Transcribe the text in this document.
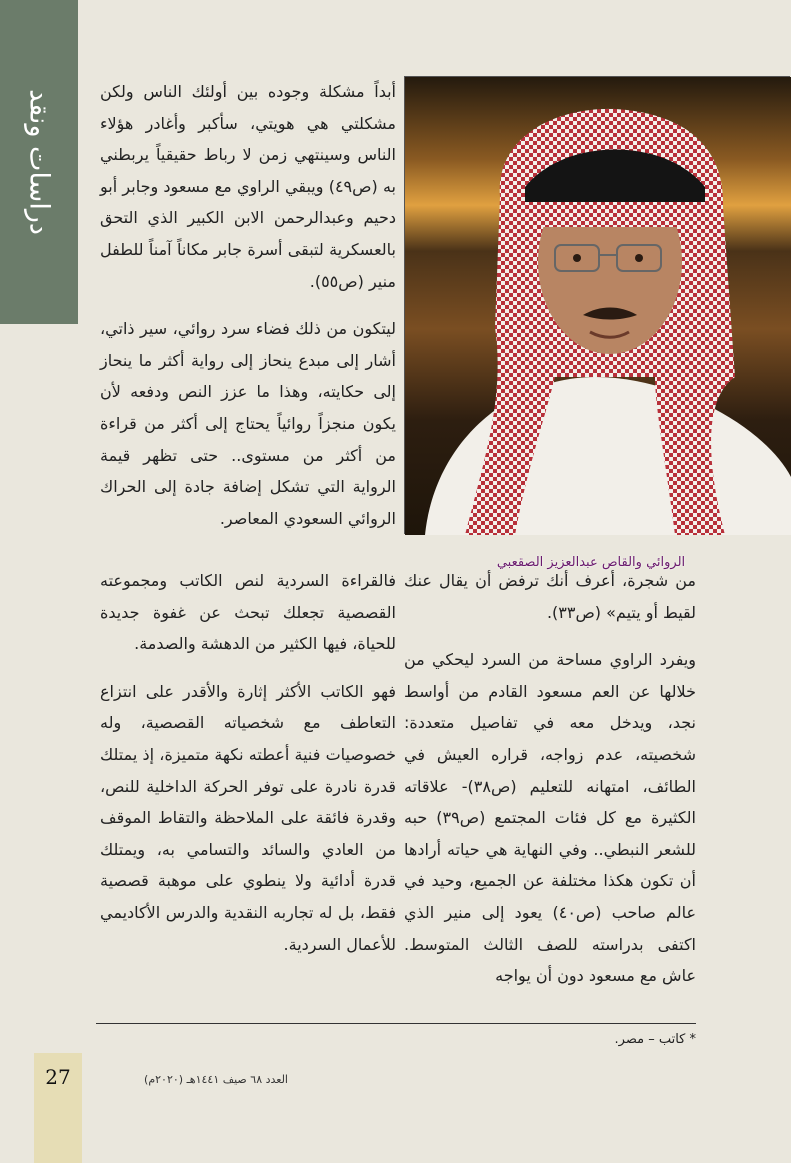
دراسات ونقد	أبداً مشكلة وجوده بين أولئك الناس ولكن مشكلتي هي هويتي، سأكبر وأغادر هؤلاء الناس وسينتهي زمن لا رباط حقيقياً يربطني به (ص٤٩) ويبقي الراوي مع مسعود وجابر أبو دحيم وعبدالرحمن الابن الكبير الذي التحق بالعسكرية لتبقى أسرة جابر مكاناً آمناً للطفل منير (ص٥٥).

ليتكون من ذلك فضاء سرد روائي، سير ذاتي، أشار إلى مبدع ينحاز إلى رواية أكثر ما ينحاز إلى حكايته، وهذا ما عزز النص ودفعه لأن يكون منجزاً روائياً يحتاج إلى أكثر من قراءة من أكثر من مستوى.. حتى تظهر قيمة الرواية التي تشكل إضافة جادة إلى الحراك الروائي السعودي المعاصر.

الروائي والقاص عبدالعزيز الصقعبي

فالقراءة السردية لنص الكاتب ومجموعته القصصية تجعلك تبحث عن غفوة جديدة للحياة، فيها الكثير من الدهشة والصدمة.

فهو الكاتب الأكثر إثارة والأقدر على انتزاع التعاطف مع شخصياته القصصية، وله خصوصيات فنية أعطته نكهة متميزة، إذ يمتلك قدرة نادرة على توفر الحركة الداخلية للنص، وقدرة فائقة على الملاحظة والتقاط الموقف من العادي والسائد والتسامي به، ويمتلك قدرة أدائية ولا ينطوي على موهبة قصصية فقط، بل له تجاربه النقدية والدرس الأكاديمي للأعمال السردية.

من شجرة، أعرف أنك ترفض أن يقال عنك لقيط أو يتيم» (ص٣٣).

ويفرد الراوي مساحة من السرد ليحكي من خلالها عن العم مسعود القادم من أواسط نجد، ويدخل معه في تفاصيل متعددة: شخصيته، عدم زواجه، قراره العيش في الطائف، امتهانه للتعليم (ص٣٨)- علاقاته الكثيرة مع كل فئات المجتمع (ص٣٩) حبه للشعر النبطي.. وفي النهاية هي حياته أرادها أن تكون هكذا مختلفة عن الجميع، وحيد في عالم صاحب (ص٤٠) يعود إلى منير الذي اكتفى بدراسته للصف الثالث المتوسط. عاش مع مسعود دون أن يواجه

* كاتب – مصر.
27	العدد ٦٨ صيف ١٤٤١هـ (٢٠٢٠م)
